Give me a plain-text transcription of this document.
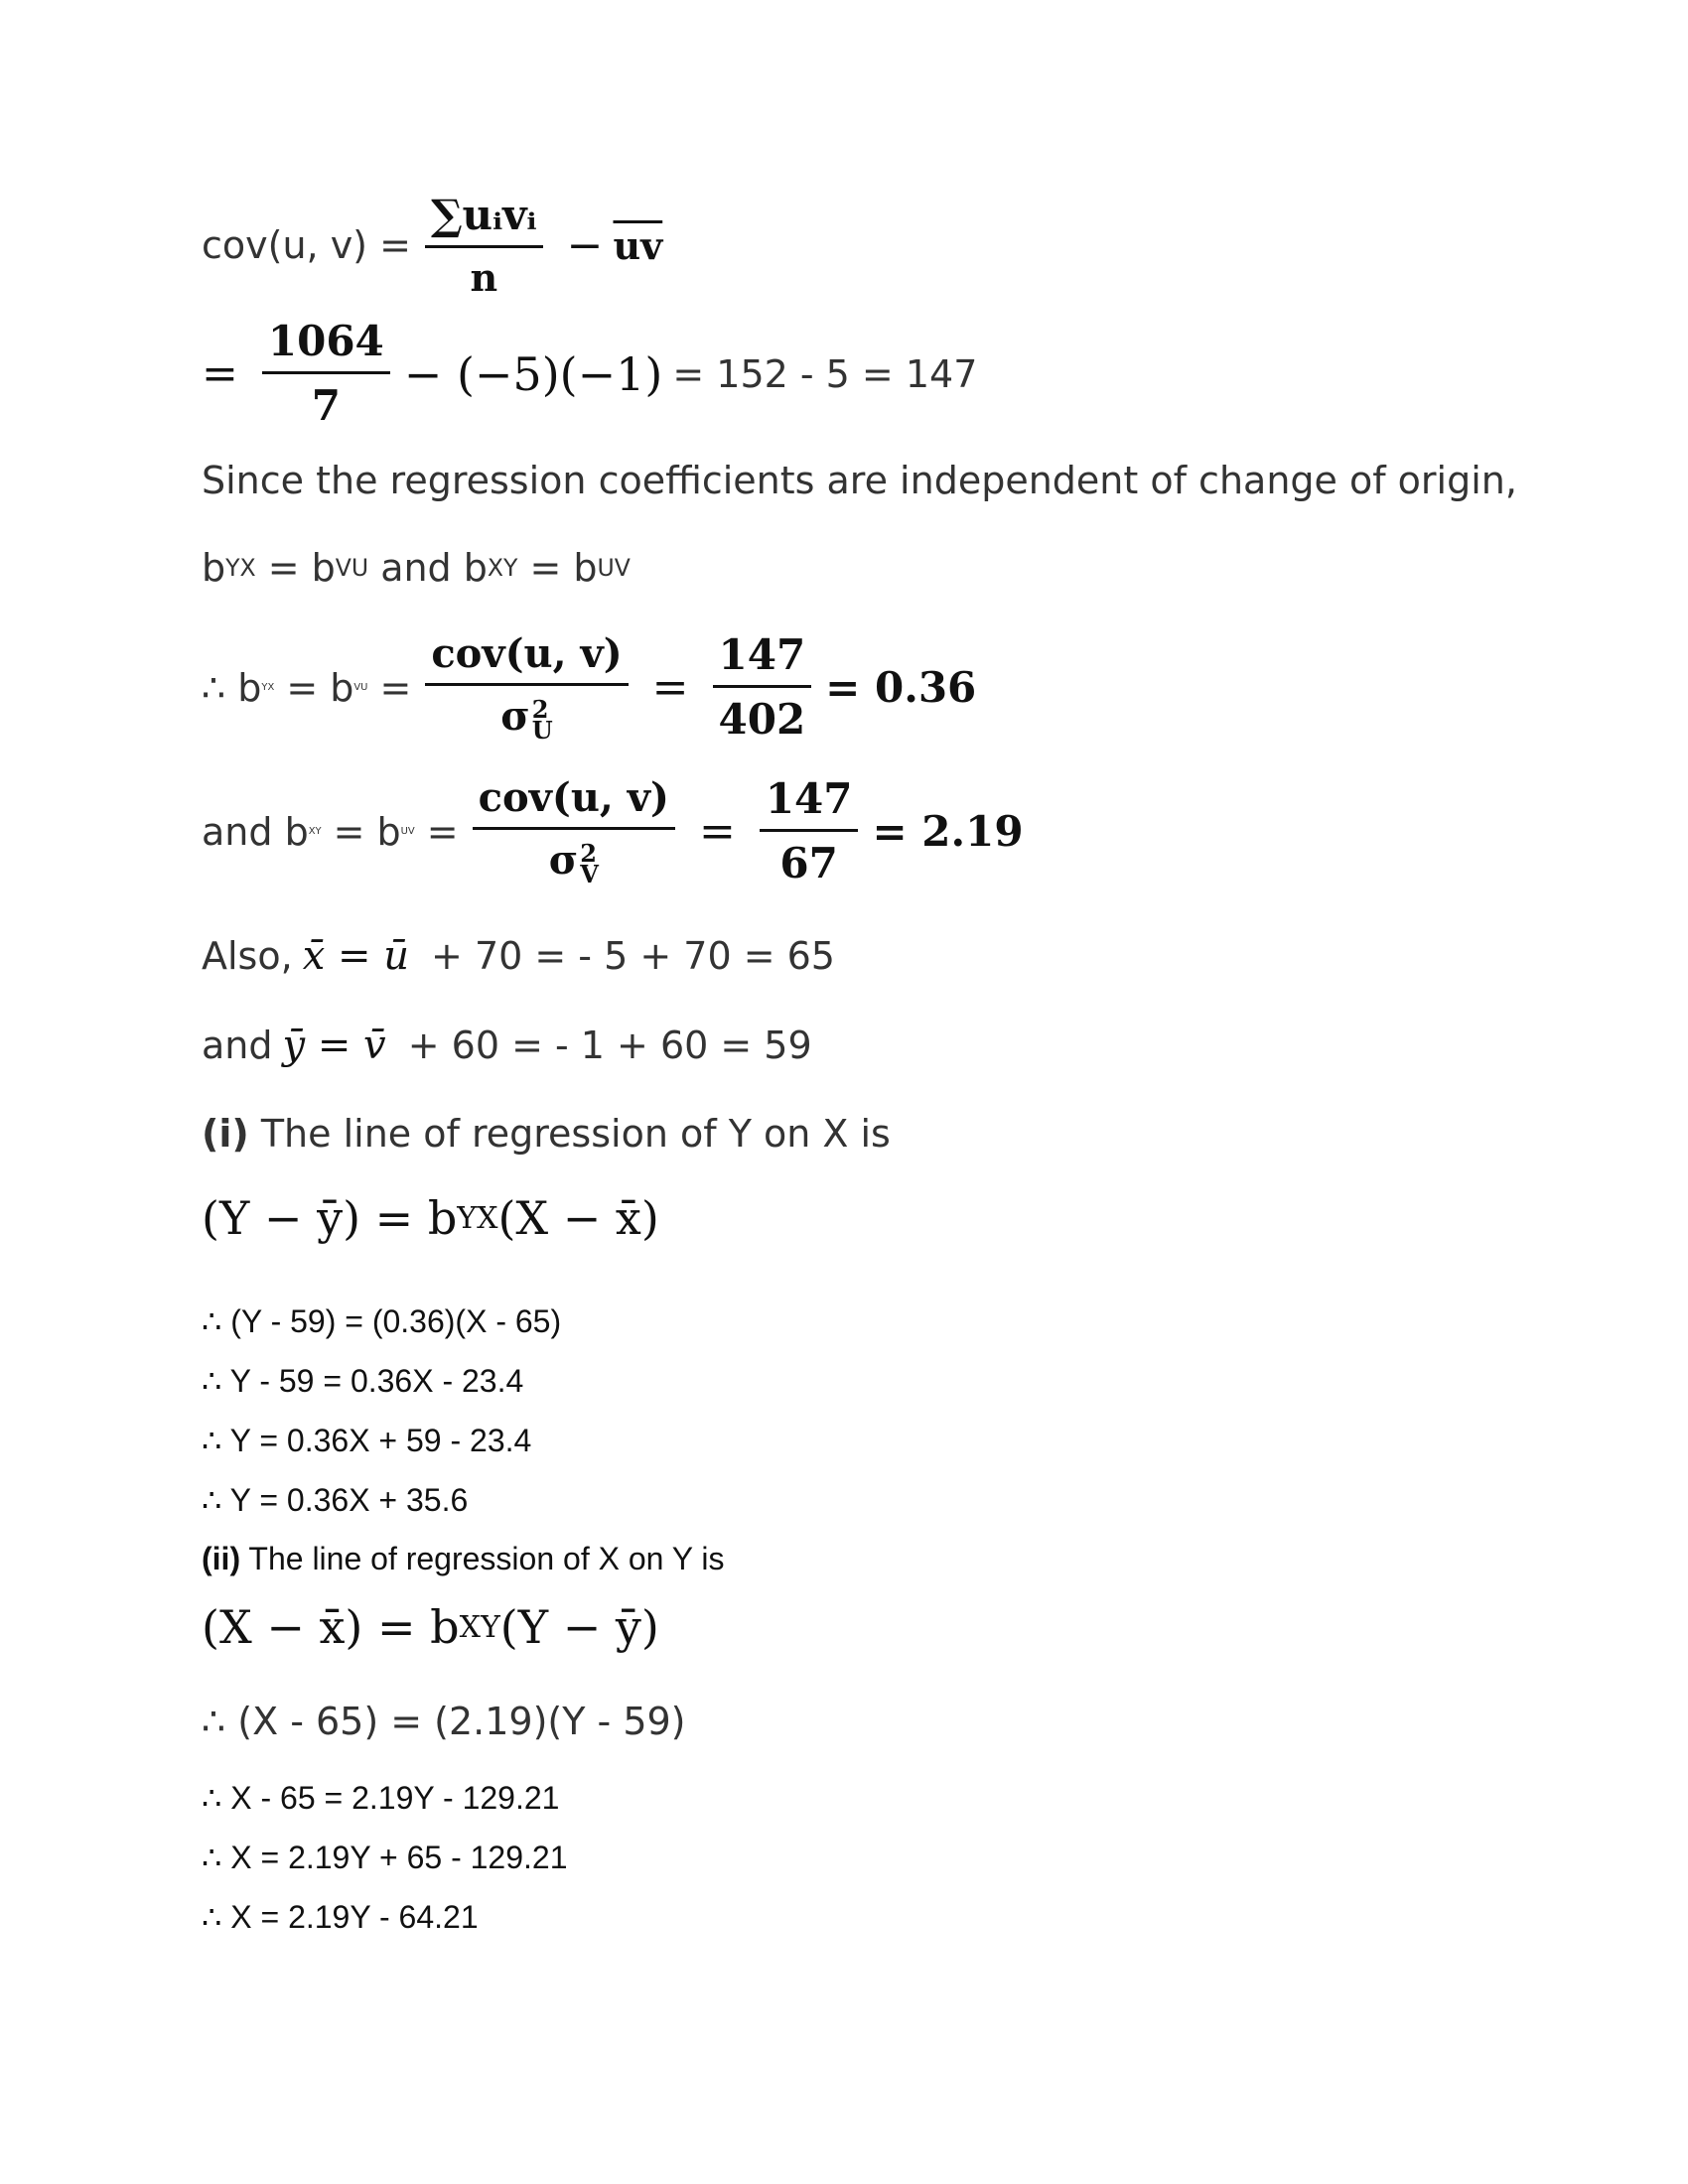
cov(u, $v) = \frac{\text{∑uᵢvᵢ}}{n} - \overline{uv}$
= $\frac{1064}{7} - (-5)(-1) = 152 - 5 = 147$
Since the regression coefficients are independent of change of origin,
b YX = b VU and b XY = b UV
∴ b YX = b VU = cov(u, v)
σ 2
$U = \frac{147}{402} = 0.36$
and b XY = b UV = cov(u, v)
σ 2
$V = \frac{147}{67} = 2.19$
Also, x̄ = ū + 70 = - 5 + 70 = 65
and ȳ = v̄ + 60 = - 1 + 60 = 59
(i) The line of regression of Y on X is
(Y − ȳ) = b YX (X − x̄)
∴ (Y - 59) = (0.36)(X - 65)
∴ Y - 59 = 0.36X - 23.4
∴ Y = 0.36X + 59 - 23.4
∴ Y = 0.36X + 35.6
(ii) The line of regression of X on Y is
(X − x̄) = b XY (Y − ȳ)
∴ (X - 65) = (2.19)(Y - 59)
∴ X - 65 = 2.19Y - 129.21
∴ X = 2.19Y + 65 - 129.21
∴ X = 2.19Y - 64.21
